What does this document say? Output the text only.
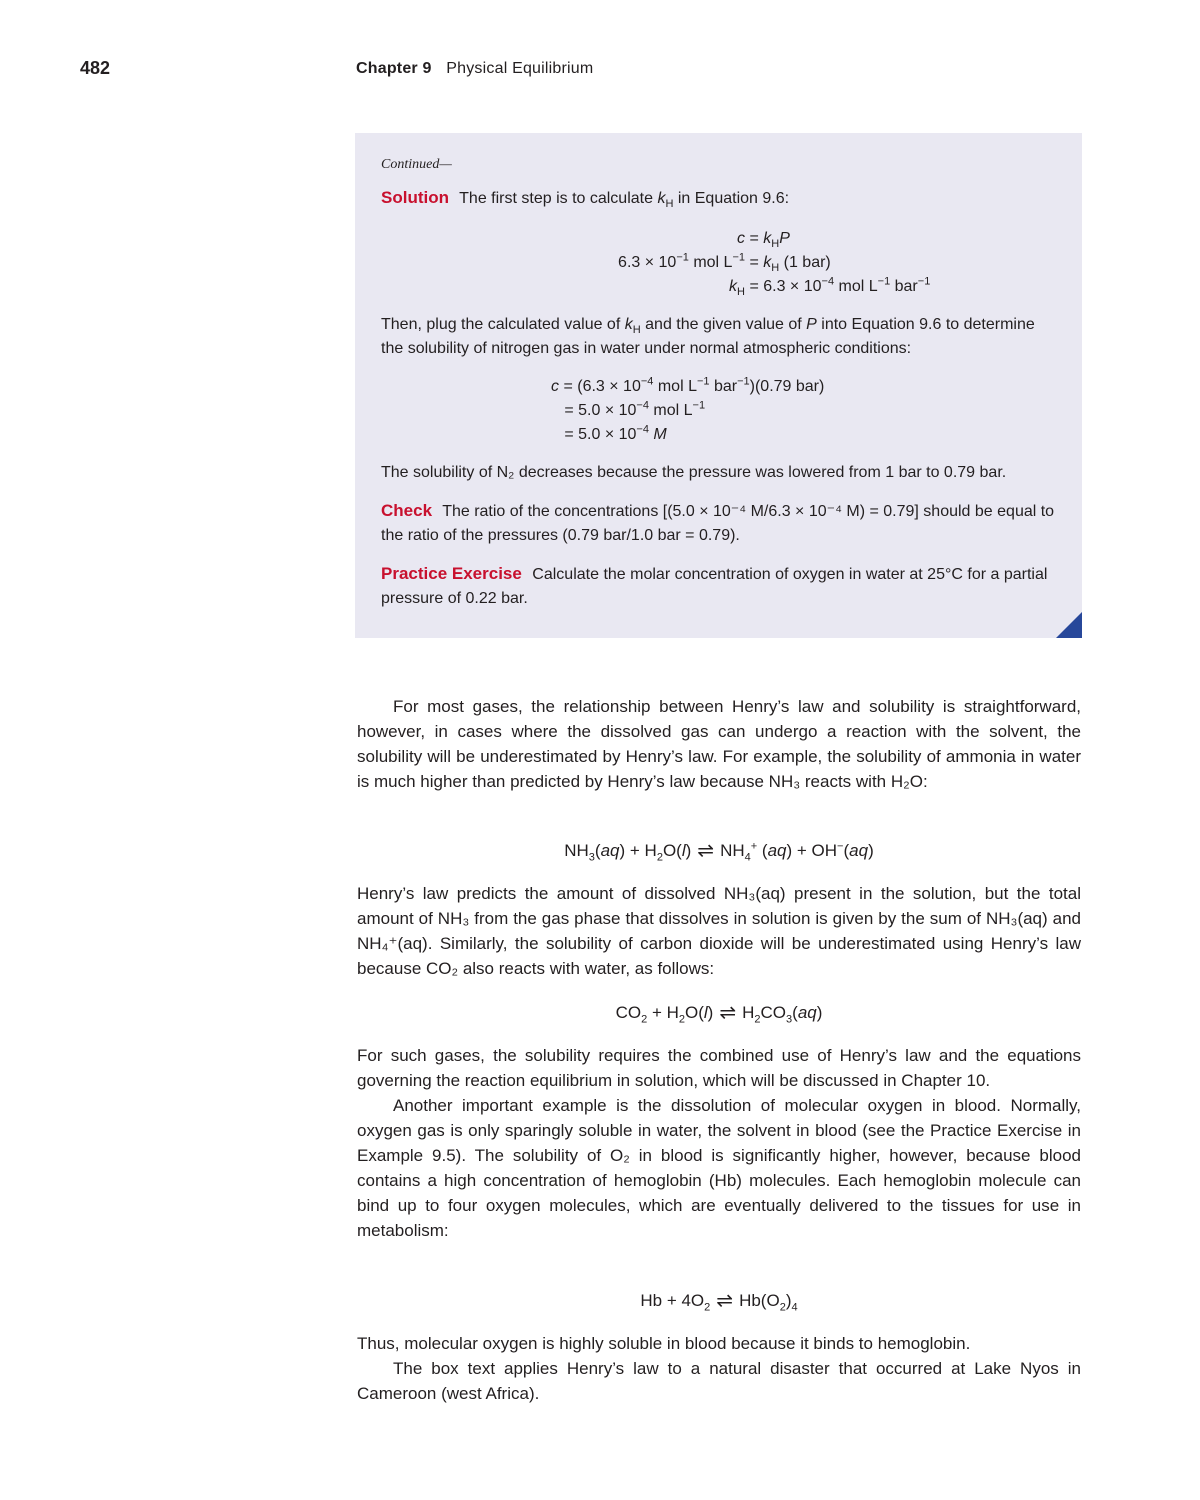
482	Chapter 9 Physical Equilibrium
Continued—

Solution The first step is to calculate $k_H$ in Equation 9.6:

$c = k_HP$
$6.3 \times 10^{-1}$ mol $L^{-1} = k_H$ (1 bar)
$k_H = 6.3 \times 10^{-4}$ mol $L^{-1}$ bar$^{-1}$

Then, plug the calculated value of $k_H$ and the given value of P into Equation 9.6 to determine the solubility of nitrogen gas in water under normal atmospheric conditions:

$c = (6.3 \times 10^{-4}$ mol $L^{-1}$ bar$^{-1}$)(0.79 bar)
= $5.0 \times 10^{-4}$ mol $L^{-1}$
= $5.0 \times 10^{-4}$ M

The solubility of N₂ decreases because the pressure was lowered from 1 bar to 0.79 bar.

Check The ratio of the concentrations [(5.0 × 10⁻⁴ M/6.3 × 10⁻⁴ M) = 0.79] should be equal to the ratio of the pressures (0.79 bar/1.0 bar = 0.79).

Practice Exercise Calculate the molar concentration of oxygen in water at 25°C for a partial pressure of 0.22 bar.

For most gases, the relationship between Henry’s law and solubility is straightforward, however, in cases where the dissolved gas can undergo a reaction with the solvent, the solubility will be underestimated by Henry’s law. For example, the solubility of ammonia in water is much higher than predicted by Henry’s law because NH₃ reacts with H₂O:

$NH_3(aq) + H_2O(l)$ ⇌ $NH_4^+$ (aq) + OH−(aq)

Henry’s law predicts the amount of dissolved NH₃(aq) present in the solution, but the total amount of NH₃ from the gas phase that dissolves in solution is given by the sum of NH₃(aq) and NH₄⁺(aq). Similarly, the solubility of carbon dioxide will be underestimated using Henry’s law because CO₂ also reacts with water, as follows:

$CO_2 + H_2O(l)$ ⇌ $H_2CO_3(aq)$

For such gases, the solubility requires the combined use of Henry’s law and the equations governing the reaction equilibrium in solution, which will be discussed in Chapter 10.

Another important example is the dissolution of molecular oxygen in blood. Normally, oxygen gas is only sparingly soluble in water, the solvent in blood (see the Practice Exercise in Example 9.5). The solubility of O₂ in blood is significantly higher, however, because blood contains a high concentration of hemoglobin (Hb) molecules. Each hemoglobin molecule can bind up to four oxygen molecules, which are eventually delivered to the tissues for use in metabolism:

$Hb + 4O_2$ ⇌ $Hb(O_2)_4$

Thus, molecular oxygen is highly soluble in blood because it binds to hemoglobin.

The box text applies Henry’s law to a natural disaster that occurred at Lake Nyos in Cameroon (west Africa).
